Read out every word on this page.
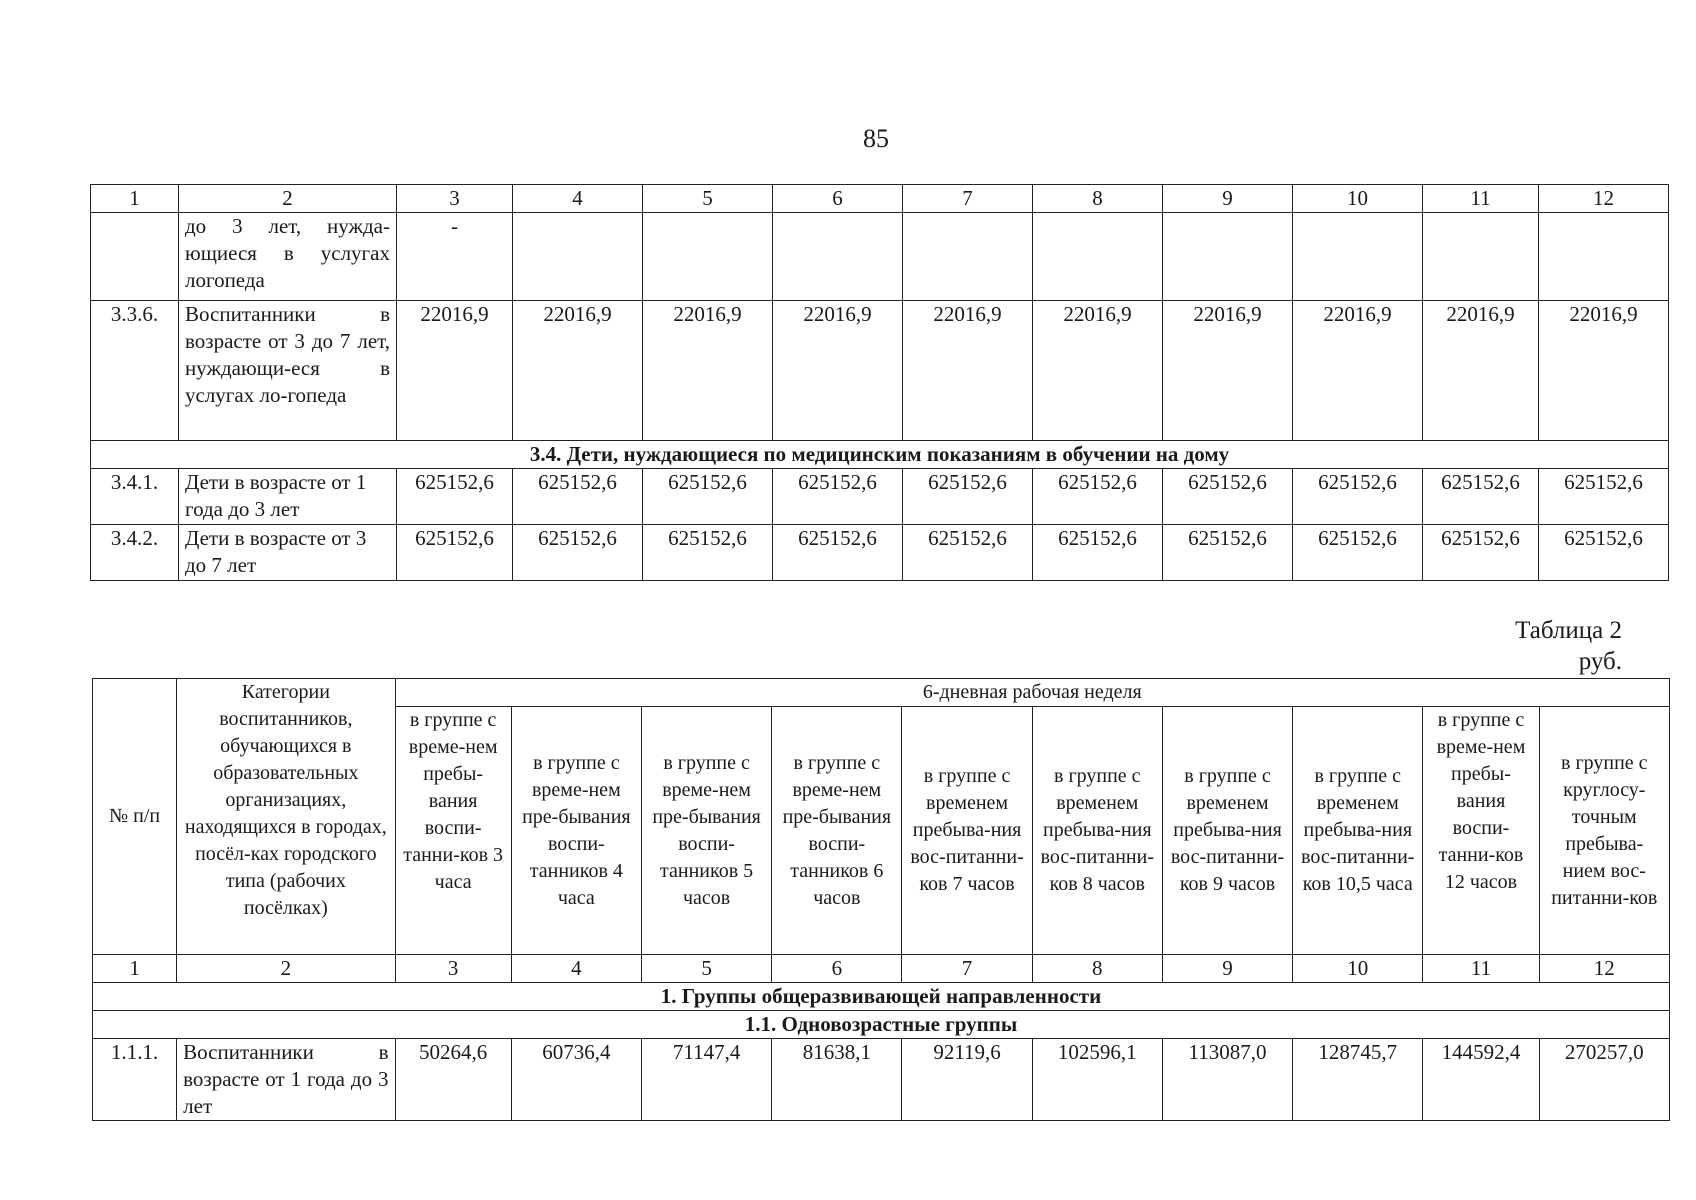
85
1	2	3	4	5	6	7	8	9	10	11	12
	до 3 лет, нужда-ющиеся в услугах логопеда	-									
3.3.6.	Воспитанники в возрасте от 3 до 7 лет, нуждающи-еся в услугах ло-гопеда	22016,9	22016,9	22016,9	22016,9	22016,9	22016,9	22016,9	22016,9	22016,9	22016,9
3.4. Дети, нуждающиеся по медицинским показаниям в обучении на дому											
3.4.1.	Дети в возрасте от 1 года до 3 лет	625152,6	625152,6	625152,6	625152,6	625152,6	625152,6	625152,6	625152,6	625152,6	625152,6
3.4.2.	Дети в возрасте от 3 до 7 лет	625152,6	625152,6	625152,6	625152,6	625152,6	625152,6	625152,6	625152,6	625152,6	625152,6
Таблица 2
руб.
№ п/п	Категории воспитанников, обучающихся в образовательных организациях, находящихся в городах, посёл-ках городского типа (рабочих посёлках)	6-дневная рабочая неделя									
		в группе с време-нем пребы-вания воспи-танни-ков 3 часа	в группе с време-нем пре-бывания воспи-танников 4 часа	в группе с време-нем пре-бывания воспи-танников 5 часов	в группе с време-нем пре-бывания воспи-танников 6 часов	в группе с временем пребыва-ния вос-питанни-ков 7 часов	в группе с временем пребыва-ния вос-питанни-ков 8 часов	в группе с временем пребыва-ния вос-питанни-ков 9 часов	в группе с временем пребыва-ния вос-питанни-ков 10,5 часа	в группе с време-нем пребы-вания воспи-танни-ков 12 часов	в группе с круглосу-точным пребыва-нием вос-питанни-ков
1	2	3	4	5	6	7	8	9	10	11	12
1. Группы общеразвивающей направленности											
1.1. Одновозрастные группы											
1.1.1.	Воспитанники в возрасте от 1 года до 3 лет	50264,6	60736,4	71147,4	81638,1	92119,6	102596,1	113087,0	128745,7	144592,4	270257,0
